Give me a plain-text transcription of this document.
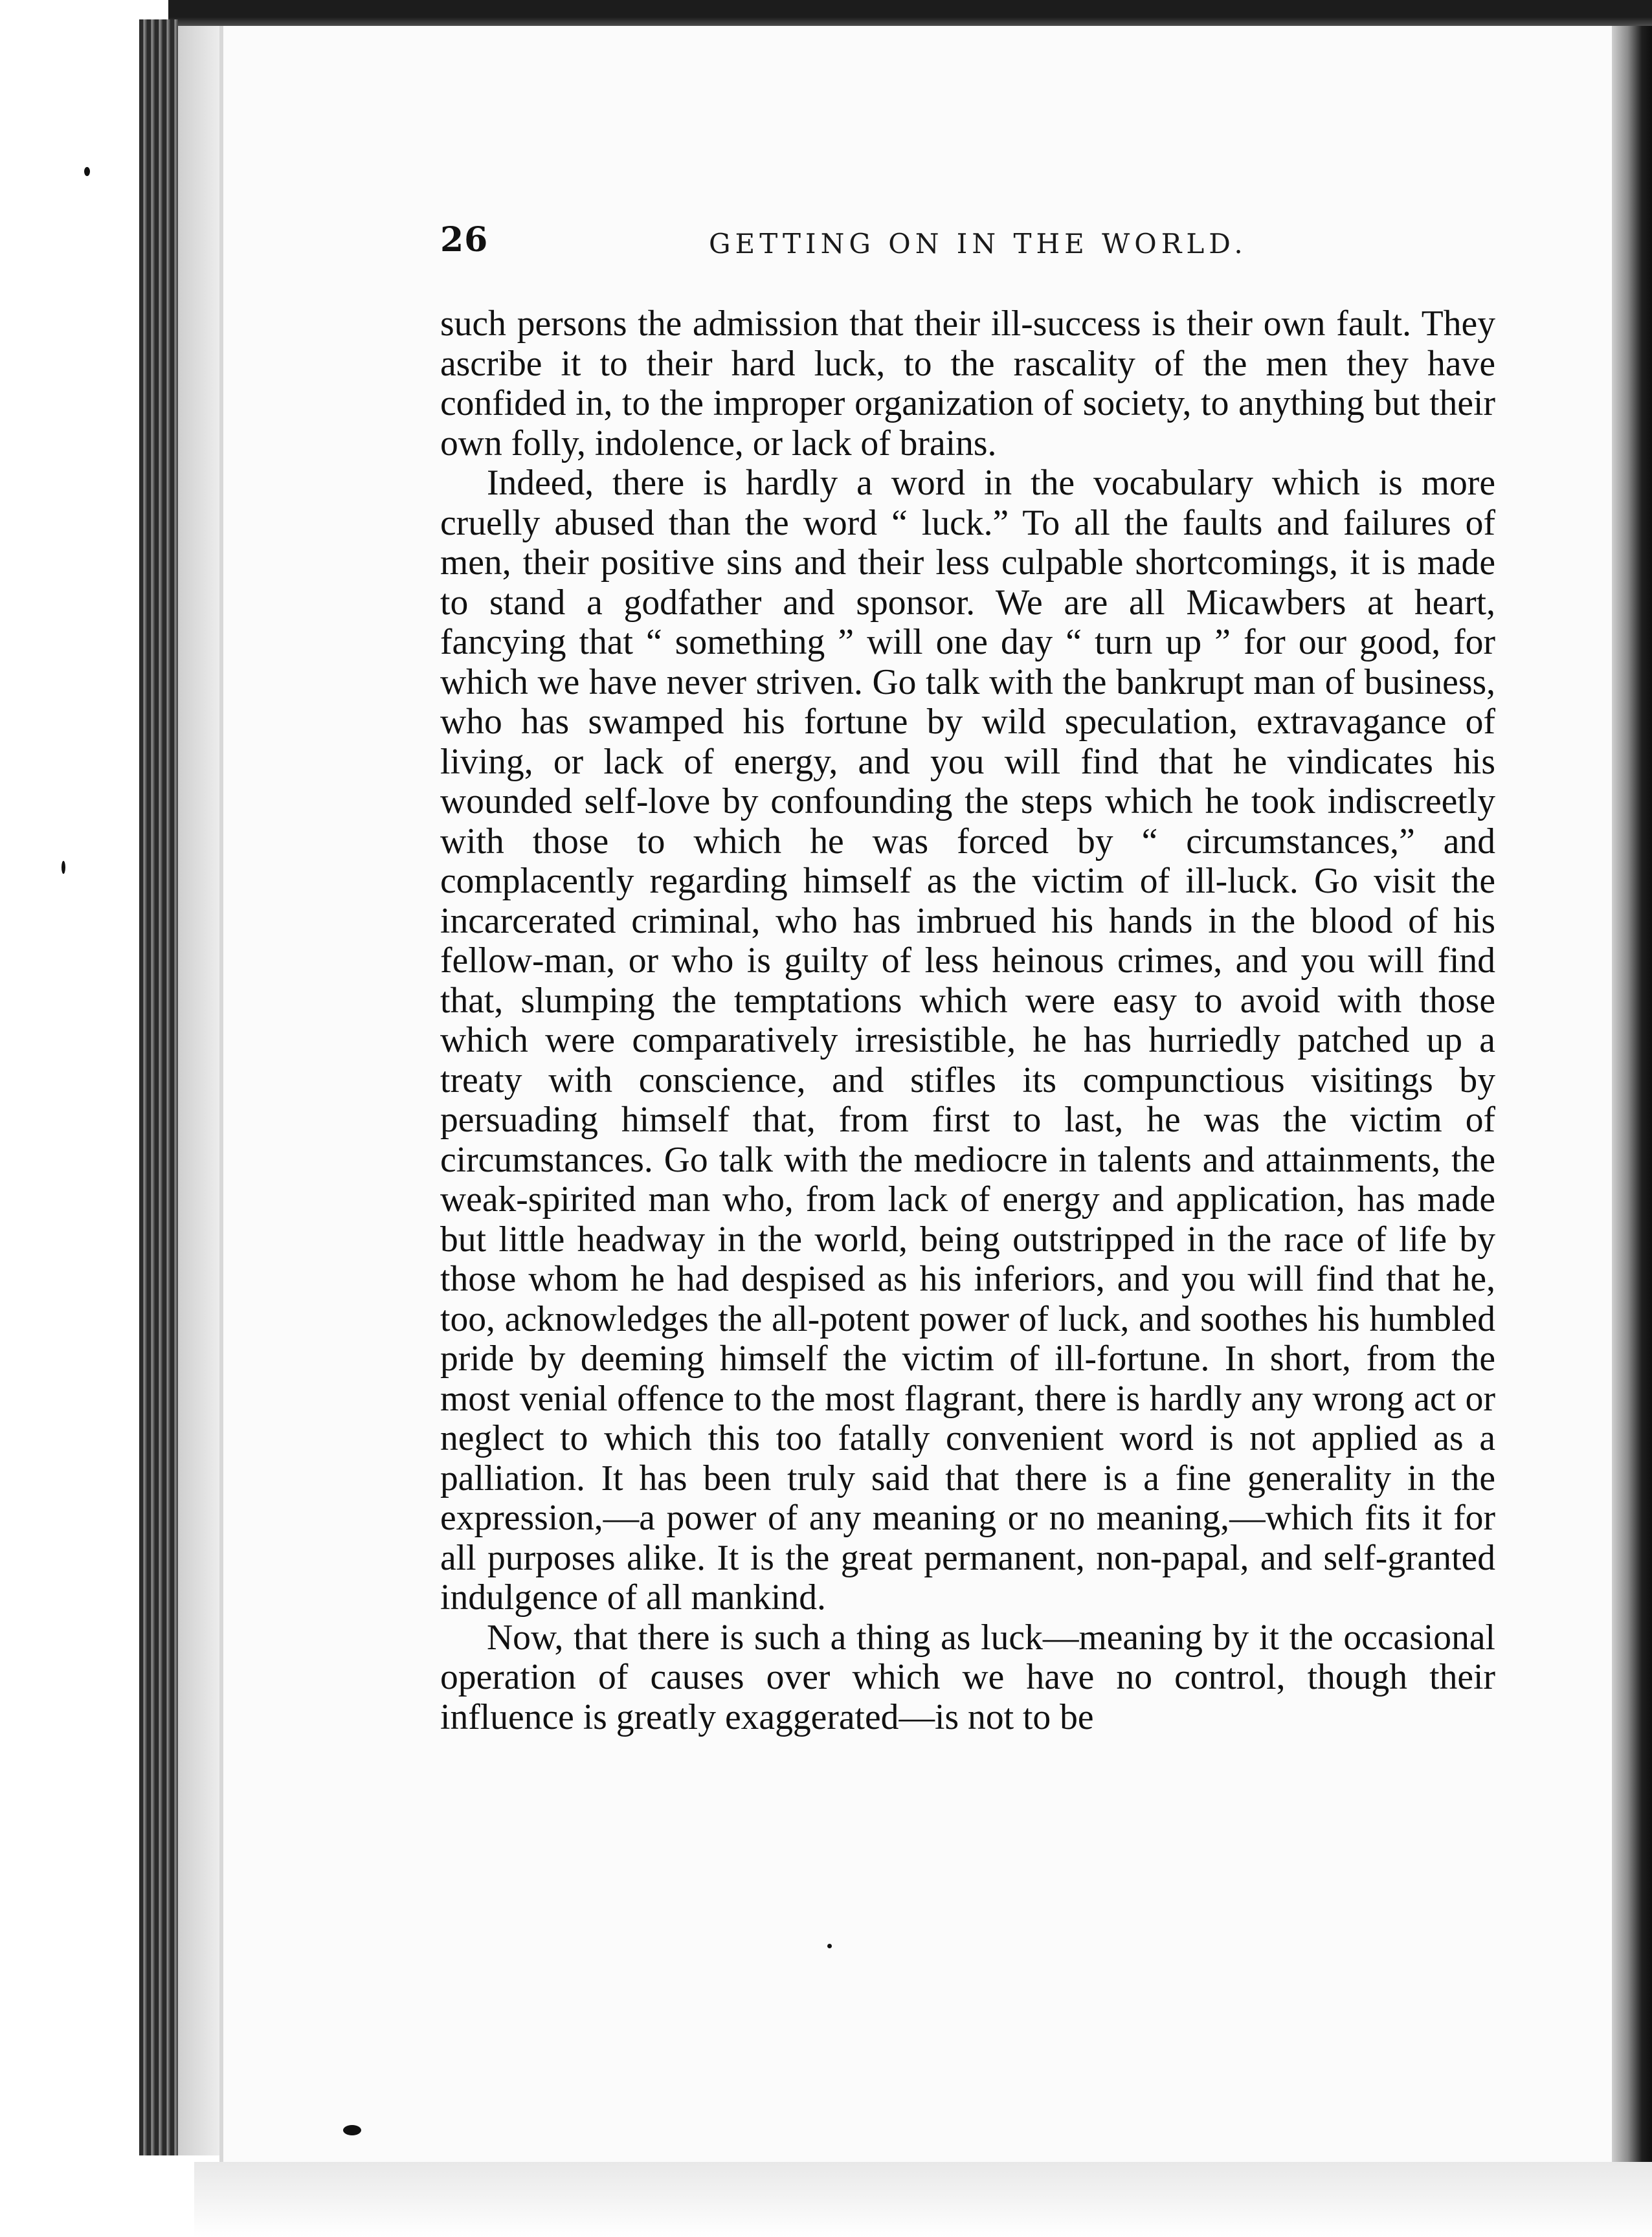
26	GETTING ON IN THE WORLD.

such persons the admission that their ill-success is their own fault. They ascribe it to their hard luck, to the rascality of the men they have confided in, to the improper organization of society, to anything but their own folly, indolence, or lack of brains.

Indeed, there is hardly a word in the vocabulary which is more cruelly abused than the word “ luck.” To all the faults and failures of men, their positive sins and their less culpable shortcomings, it is made to stand a godfather and sponsor. We are all Micawbers at heart, fancying that “ something ” will one day “ turn up ” for our good, for which we have never striven. Go talk with the bankrupt man of business, who has swamped his fortune by wild speculation, extravagance of living, or lack of energy, and you will find that he vindicates his wounded self-love by confounding the steps which he took indiscreetly with those to which he was forced by “ circumstances,” and complacently regarding himself as the victim of ill-luck. Go visit the incarcerated criminal, who has imbrued his hands in the blood of his fellow-man, or who is guilty of less heinous crimes, and you will find that, slumping the temptations which were easy to avoid with those which were comparatively irresistible, he has hurriedly patched up a treaty with conscience, and stifles its compunctious visitings by persuading himself that, from first to last, he was the victim of circumstances. Go talk with the mediocre in talents and attainments, the weak-spirited man who, from lack of energy and application, has made but little headway in the world, being outstripped in the race of life by those whom he had despised as his inferiors, and you will find that he, too, acknowledges the all-potent power of luck, and soothes his humbled pride by deeming himself the victim of ill-fortune. In short, from the most venial offence to the most flagrant, there is hardly any wrong act or neglect to which this too fatally convenient word is not applied as a palliation. It has been truly said that there is a fine generality in the expression,—a power of any meaning or no meaning,—which fits it for all purposes alike. It is the great permanent, non-papal, and self-granted indulgence of all mankind.

Now, that there is such a thing as luck—meaning by it the occasional operation of causes over which we have no control, though their influence is greatly exaggerated—is not to be
